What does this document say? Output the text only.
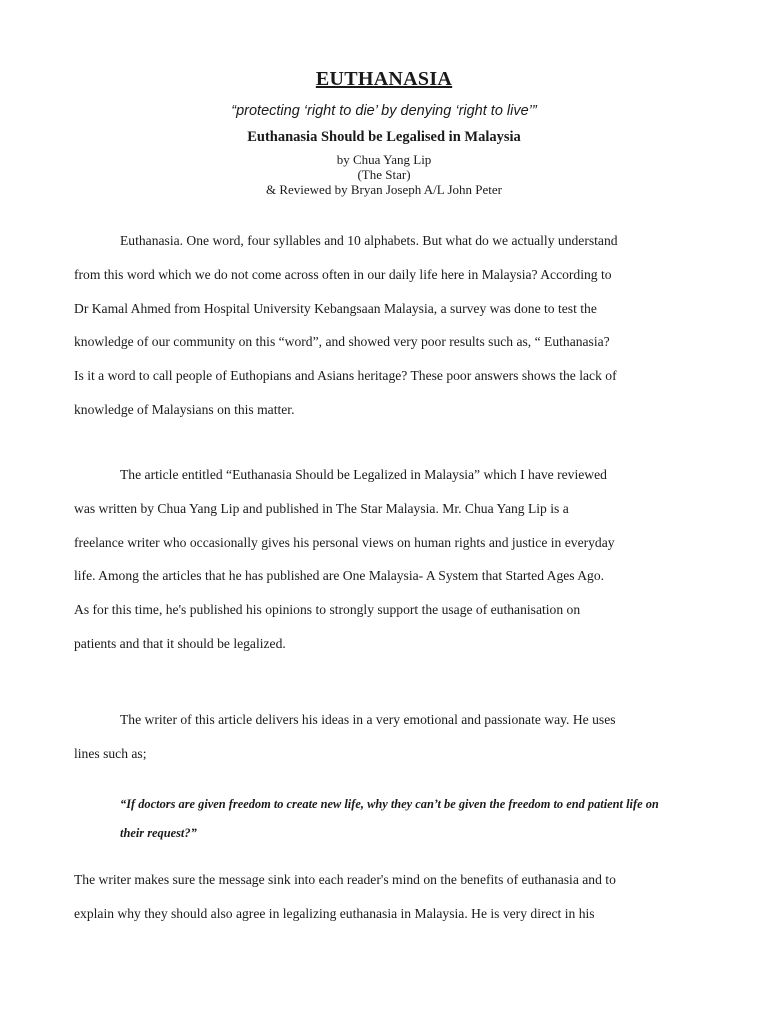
EUTHANASIA

“protecting ‘right to die’ by denying ‘right to live’”

Euthanasia Should be Legalised in Malaysia
by Chua Yang Lip
(The Star)
& Reviewed by Bryan Joseph A/L John Peter

Euthanasia. One word, four syllables and 10 alphabets. But what do we actually understand
from this word which we do not come across often in our daily life here in Malaysia? According to
Dr Kamal Ahmed from Hospital University Kebangsaan Malaysia, a survey was done to test the
knowledge of our community on this “word”, and showed very poor results such as, “ Euthanasia?
Is it a word to call people of Euthopians and Asians heritage? These poor answers shows the lack of
knowledge of Malaysians on this matter.

The article entitled “Euthanasia Should be Legalized in Malaysia” which I have reviewed
was written by Chua Yang Lip and published in The Star Malaysia. Mr. Chua Yang Lip is a
freelance writer who occasionally gives his personal views on human rights and justice in everyday
life. Among the articles that he has published are One Malaysia- A System that Started Ages Ago.
As for this time, he's published his opinions to strongly support the usage of euthanisation on
patients and that it should be legalized.

The writer of this article delivers his ideas in a very emotional and passionate way. He uses
lines such as;

“If doctors are given freedom to create new life, why they can’t be given the freedom to end patient life on
their request?”

The writer makes sure the message sink into each reader's mind on the benefits of euthanasia and to
explain why they should also agree in legalizing euthanasia in Malaysia. He is very direct in his
